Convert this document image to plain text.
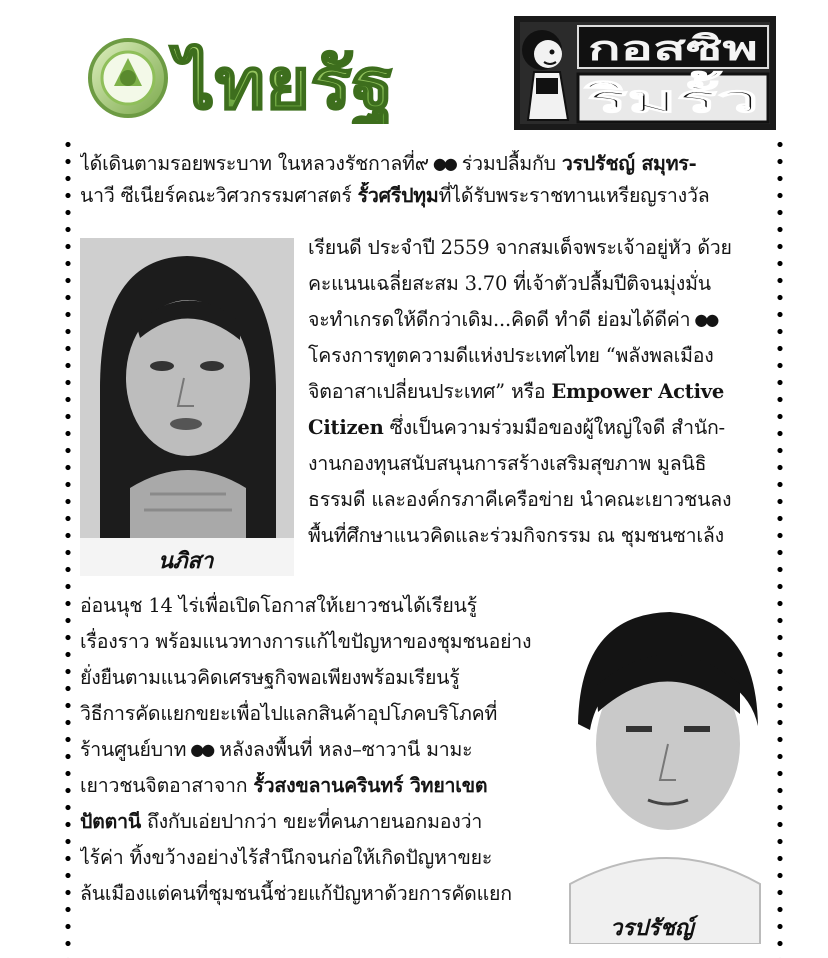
ไทยรัฐ	กอสซิพ
ริมรั้ว
นภิสา
วรปรัชญ์
ได้เดินตามรอยพระบาท ในหลวงรัชกาลที่๙ ●● ร่วมปลื้มกับ วรปรัชญ์ สมุทร-
นาวี ซีเนียร์คณะวิศวกรรมศาสตร์ รั้วศรีปทุมที่ได้รับพระราชทานเหรียญรางวัล
เรียนดี ประจำปี 2559 จากสมเด็จพระเจ้าอยู่หัว ด้วย
คะแนนเฉลี่ยสะสม 3.70 ที่เจ้าตัวปลื้มปีติจนมุ่งมั่น
จะทำเกรดให้ดีกว่าเดิม...คิดดี ทำดี ย่อมได้ดีค่า ●●
โครงการทูตความดีแห่งประเทศไทย “พลังพลเมือง
จิตอาสาเปลี่ยนประเทศ” หรือ Empower Active
Citizen ซึ่งเป็นความร่วมมือของผู้ใหญ่ใจดี สำนัก-
งานกองทุนสนับสนุนการสร้างเสริมสุขภาพ มูลนิธิ
ธรรมดี และองค์กรภาคีเครือข่าย นำคณะเยาวชนลง
พื้นที่ศึกษาแนวคิดและร่วมกิจกรรม ณ ชุมชนซาเล้ง
อ่อนนุช 14 ไร่เพื่อเปิดโอกาสให้เยาวชนได้เรียนรู้
เรื่องราว พร้อมแนวทางการแก้ไขปัญหาของชุมชนอย่าง
ยั่งยืนตามแนวคิดเศรษฐกิจพอเพียงพร้อมเรียนรู้
วิธีการคัดแยกขยะเพื่อไปแลกสินค้าอุปโภคบริโภคที่
ร้านศูนย์บาท ●● หลังลงพื้นที่ หลง–ซาวานี มามะ
เยาวชนจิตอาสาจาก รั้วสงขลานครินทร์ วิทยาเขต
ปัตตานี ถึงกับเอ่ยปากว่า ขยะที่คนภายนอกมองว่า
ไร้ค่า ทิ้งขว้างอย่างไร้สำนึกจนก่อให้เกิดปัญหาขยะ
ล้นเมืองแต่คนที่ชุมชนนี้ช่วยแก้ปัญหาด้วยการคัดแยก
